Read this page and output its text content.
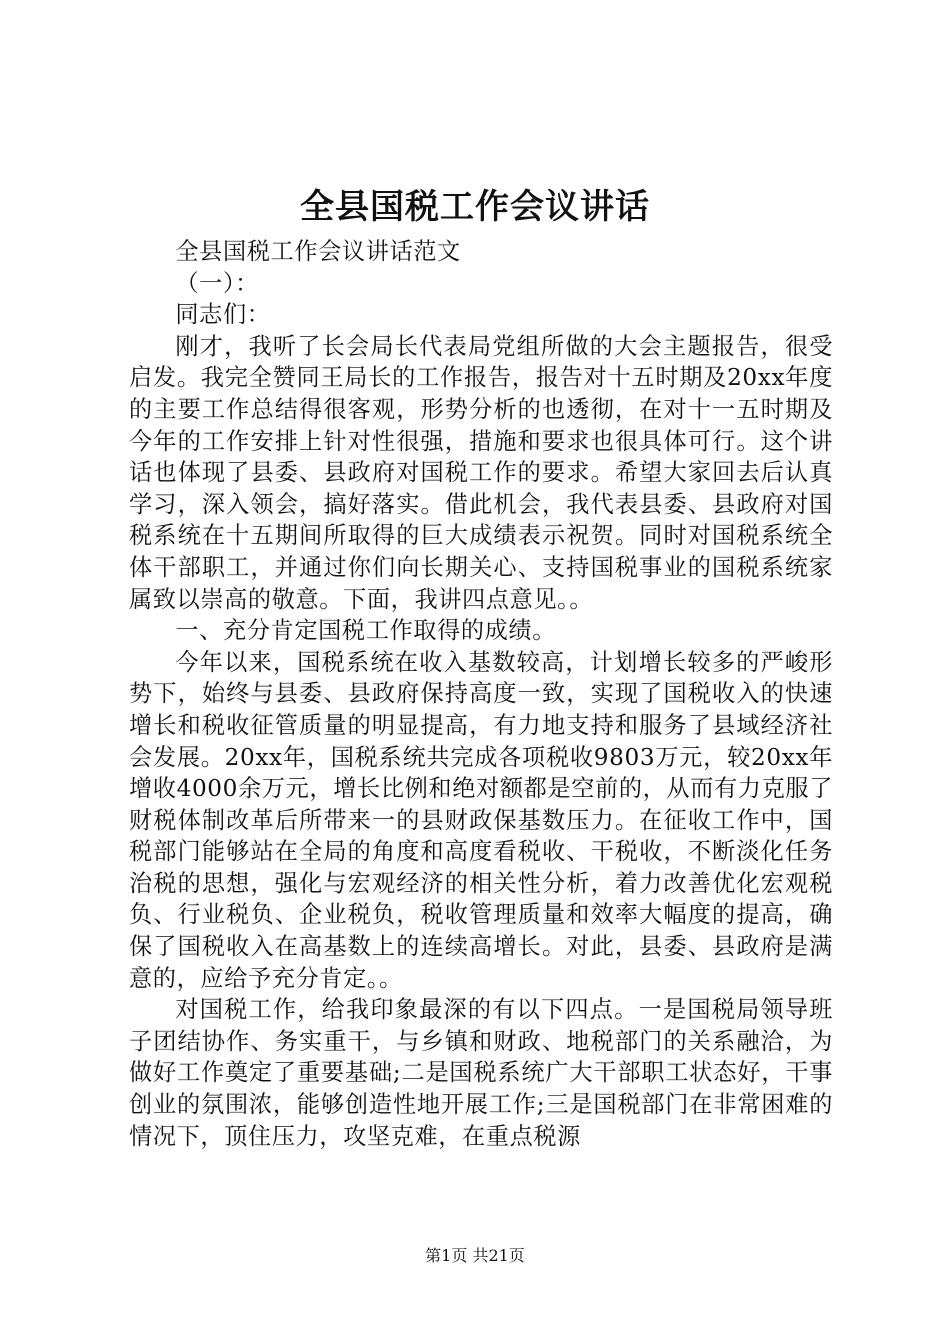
全县国税工作会议讲话

全县国税工作会议讲话范文

（一）：

同志们：

刚才，我听了长会局长代表局党组所做的大会主题报告，很受启发。我完全赞同王局长的工作报告，报告对十五时期及20xx年度的主要工作总结得很客观，形势分析的也透彻，在对十一五时期及今年的工作安排上针对性很强，措施和要求也很具体可行。这个讲话也体现了县委、县政府对国税工作的要求。希望大家回去后认真学习，深入领会，搞好落实。借此机会，我代表县委、县政府对国税系统在十五期间所取得的巨大成绩表示祝贺。同时对国税系统全体干部职工，并通过你们向长期关心、支持国税事业的国税系统家属致以崇高的敬意。下面，我讲四点意见。。

一、充分肯定国税工作取得的成绩。

今年以来，国税系统在收入基数较高，计划增长较多的严峻形势下，始终与县委、县政府保持高度一致，实现了国税收入的快速增长和税收征管质量的明显提高，有力地支持和服务了县域经济社会发展。20xx年，国税系统共完成各项税收9803万元，较20xx年增收4000余万元，增长比例和绝对额都是空前的，从而有力克服了财税体制改革后所带来一的县财政保基数压力。在征收工作中，国税部门能够站在全局的角度和高度看税收、干税收，不断淡化任务治税的思想，强化与宏观经济的相关性分析，着力改善优化宏观税负、行业税负、企业税负，税收管理质量和效率大幅度的提高，确保了国税收入在高基数上的连续高增长。对此，县委、县政府是满意的，应给予充分肯定。。

对国税工作，给我印象最深的有以下四点。一是国税局领导班子团结协作、务实重干，与乡镇和财政、地税部门的关系融洽，为做好工作奠定了重要基础;二是国税系统广大干部职工状态好，干事创业的氛围浓，能够创造性地开展工作;三是国税部门在非常困难的情况下，顶住压力，攻坚克难，在重点税源

第1页 共21页
